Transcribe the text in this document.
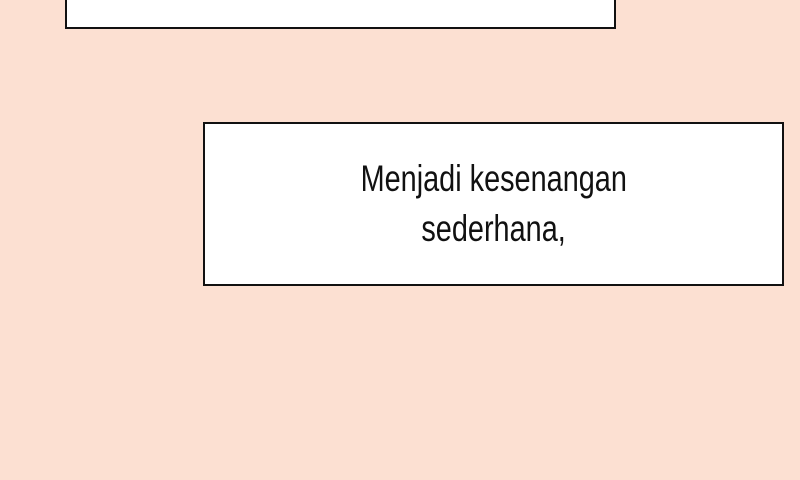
Menjadi kesenangan
sederhana,
